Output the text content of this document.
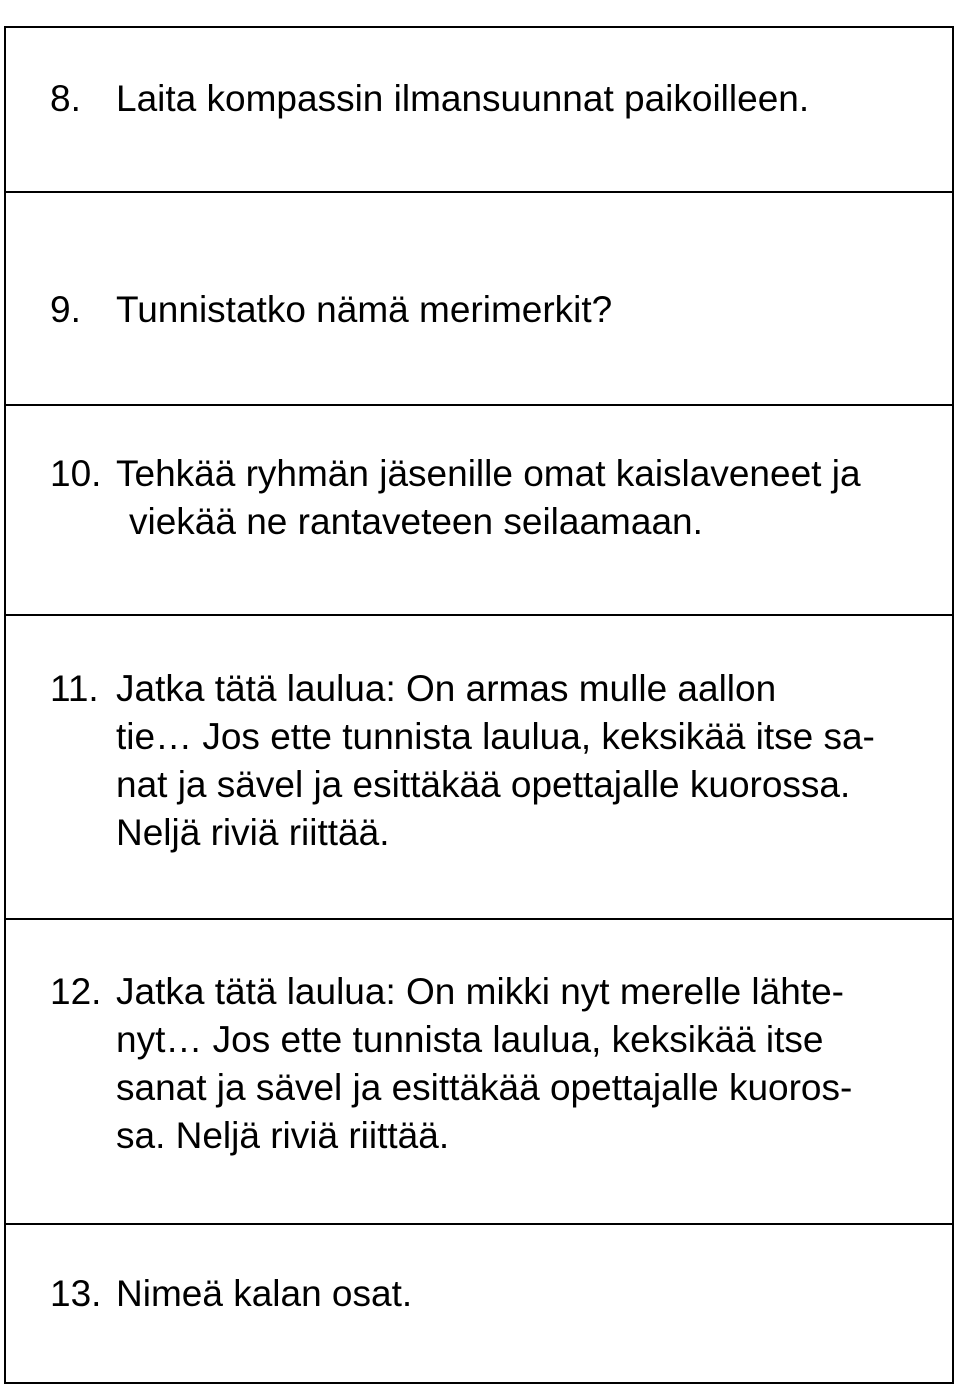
8. Laita kompassin ilmansuunnat paikoilleen.

9. Tunnistatko nämä merimerkit?

10. Tehkää ryhmän jäsenille omat kaislaveneet ja
viekää ne rantaveteen seilaamaan.

11. Jatka tätä laulua: On armas mulle aallon
tie… Jos ette tunnista laulua, keksikää itse sa-
nat ja sävel ja esittäkää opettajalle kuorossa.
Neljä riviä riittää.

12. Jatka tätä laulua: On mikki nyt merelle lähte-
nyt… Jos ette tunnista laulua, keksikää itse
sanat ja sävel ja esittäkää opettajalle kuoros-
sa. Neljä riviä riittää.

13. Nimeä kalan osat.
